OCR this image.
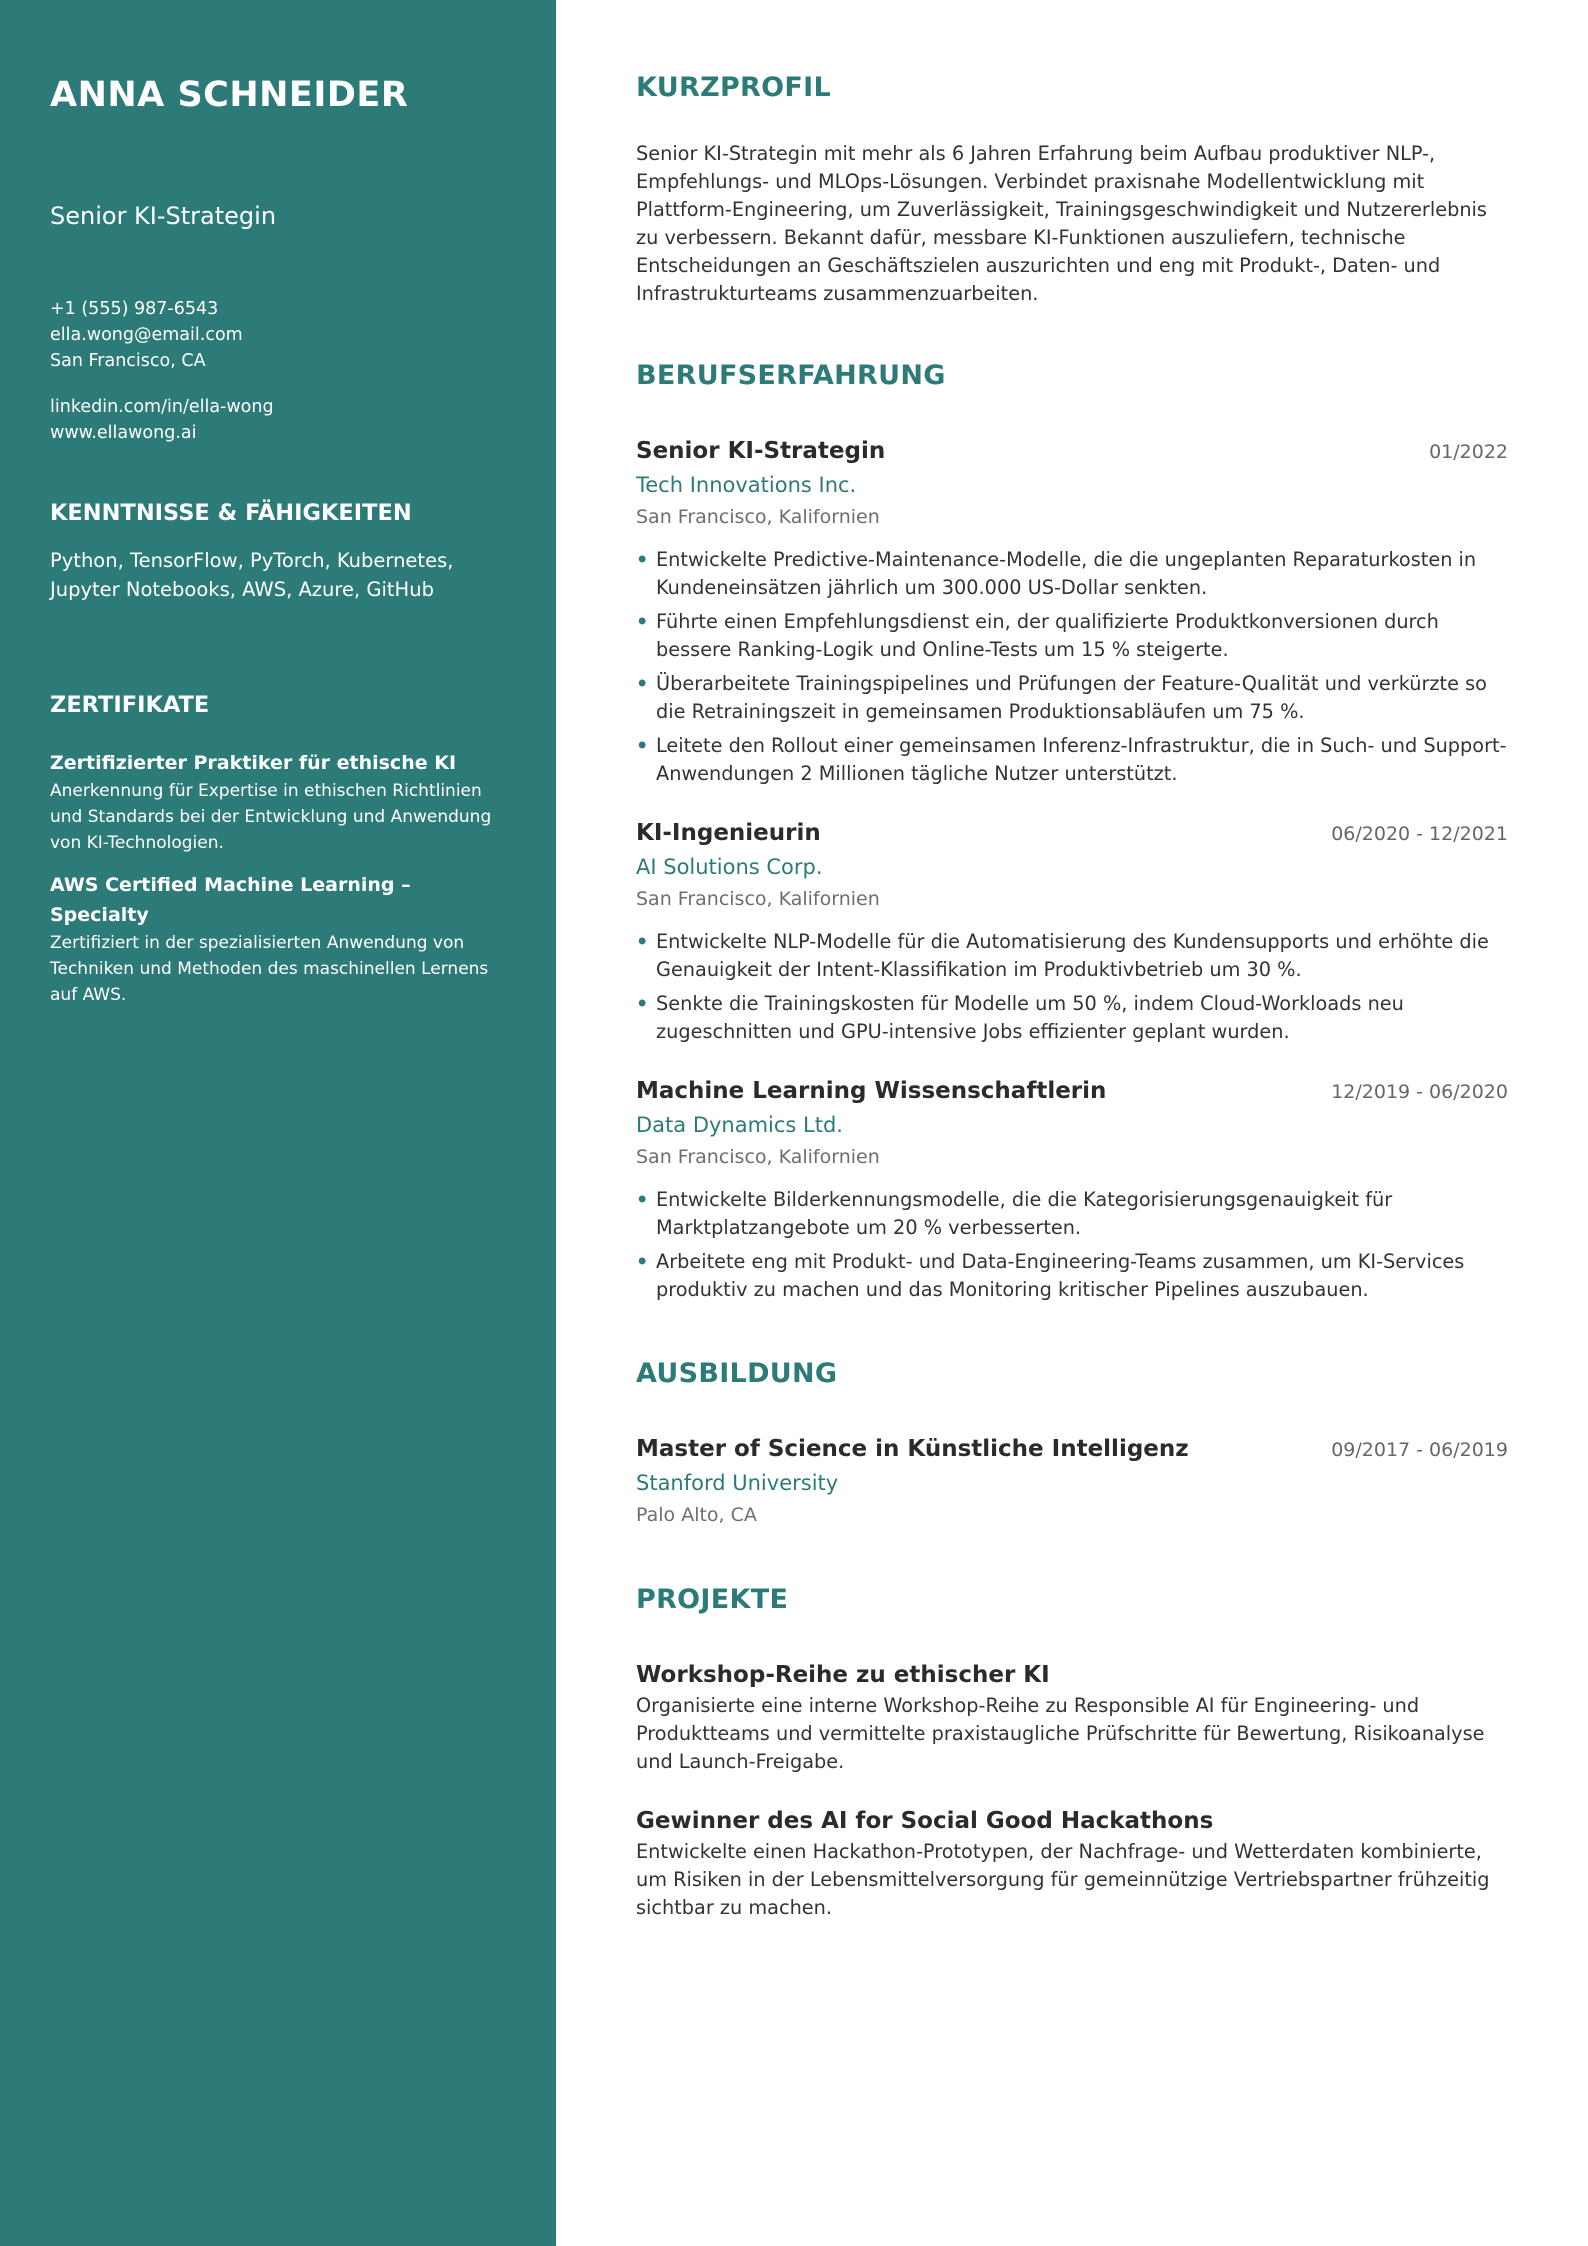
ANNA SCHNEIDER
Senior KI-Strategin
+1 (555) 987-6543
ella.wong@email.com
San Francisco, CA
linkedin.com/in/ella-wong
www.ellawong.ai
KENNTNISSE & FÄHIGKEITEN
Python, TensorFlow, PyTorch, Kubernetes, Jupyter Notebooks, AWS, Azure, GitHub
ZERTIFIKATE
Zertifizierter Praktiker für ethische KI
Anerkennung für Expertise in ethischen Richtlinien und Standards bei der Entwicklung und Anwendung von KI-Technologien.
AWS Certified Machine Learning – Specialty
Zertifiziert in der spezialisierten Anwendung von Techniken und Methoden des maschinellen Lernens auf AWS.
KURZPROFIL

Senior KI-Strategin mit mehr als 6 Jahren Erfahrung beim Aufbau produktiver NLP-, Empfehlungs- und MLOps-Lösungen. Verbindet praxisnahe Modellentwicklung mit Plattform-Engineering, um Zuverlässigkeit, Trainingsgeschwindigkeit und Nutzererlebnis zu verbessern. Bekannt dafür, messbare KI-Funktionen auszuliefern, technische Entscheidungen an Geschäftszielen auszurichten und eng mit Produkt-, Daten- und Infrastrukturteams zusammenzuarbeiten.

BERUFSERFAHRUNG
Senior KI-Strategin	01/2022
Tech Innovations Inc.
San Francisco, Kalifornien
• Entwickelte Predictive-Maintenance-Modelle, die die ungeplanten Reparaturkosten in Kundeneinsätzen jährlich um 300.000 US-Dollar senkten.
• Führte einen Empfehlungsdienst ein, der qualifizierte Produktkonversionen durch bessere Ranking-Logik und Online-Tests um 15 % steigerte.
• Überarbeitete Trainingspipelines und Prüfungen der Feature-Qualität und verkürzte so die Retrainingszeit in gemeinsamen Produktionsabläufen um 75 %.
• Leitete den Rollout einer gemeinsamen Inferenz-Infrastruktur, die in Such- und Support-Anwendungen 2 Millionen tägliche Nutzer unterstützt.
KI-Ingenieurin	06/2020 - 12/2021
AI Solutions Corp.
San Francisco, Kalifornien
• Entwickelte NLP-Modelle für die Automatisierung des Kundensupports und erhöhte die Genauigkeit der Intent-Klassifikation im Produktivbetrieb um 30 %.
• Senkte die Trainingskosten für Modelle um 50 %, indem Cloud-Workloads neu zugeschnitten und GPU-intensive Jobs effizienter geplant wurden.
Machine Learning Wissenschaftlerin	12/2019 - 06/2020
Data Dynamics Ltd.
San Francisco, Kalifornien
• Entwickelte Bilderkennungsmodelle, die die Kategorisierungsgenauigkeit für Marktplatzangebote um 20 % verbesserten.
• Arbeitete eng mit Produkt- und Data-Engineering-Teams zusammen, um KI-Services produktiv zu machen und das Monitoring kritischer Pipelines auszubauen.
AUSBILDUNG
Master of Science in Künstliche Intelligenz	09/2017 - 06/2019
Stanford University
Palo Alto, CA
PROJEKTE
Workshop-Reihe zu ethischer KI
Organisierte eine interne Workshop-Reihe zu Responsible AI für Engineering- und Produktteams und vermittelte praxistaugliche Prüfschritte für Bewertung, Risikoanalyse und Launch-Freigabe.
Gewinner des AI for Social Good Hackathons
Entwickelte einen Hackathon-Prototypen, der Nachfrage- und Wetterdaten kombinierte, um Risiken in der Lebensmittelversorgung für gemeinnützige Vertriebspartner frühzeitig sichtbar zu machen.
